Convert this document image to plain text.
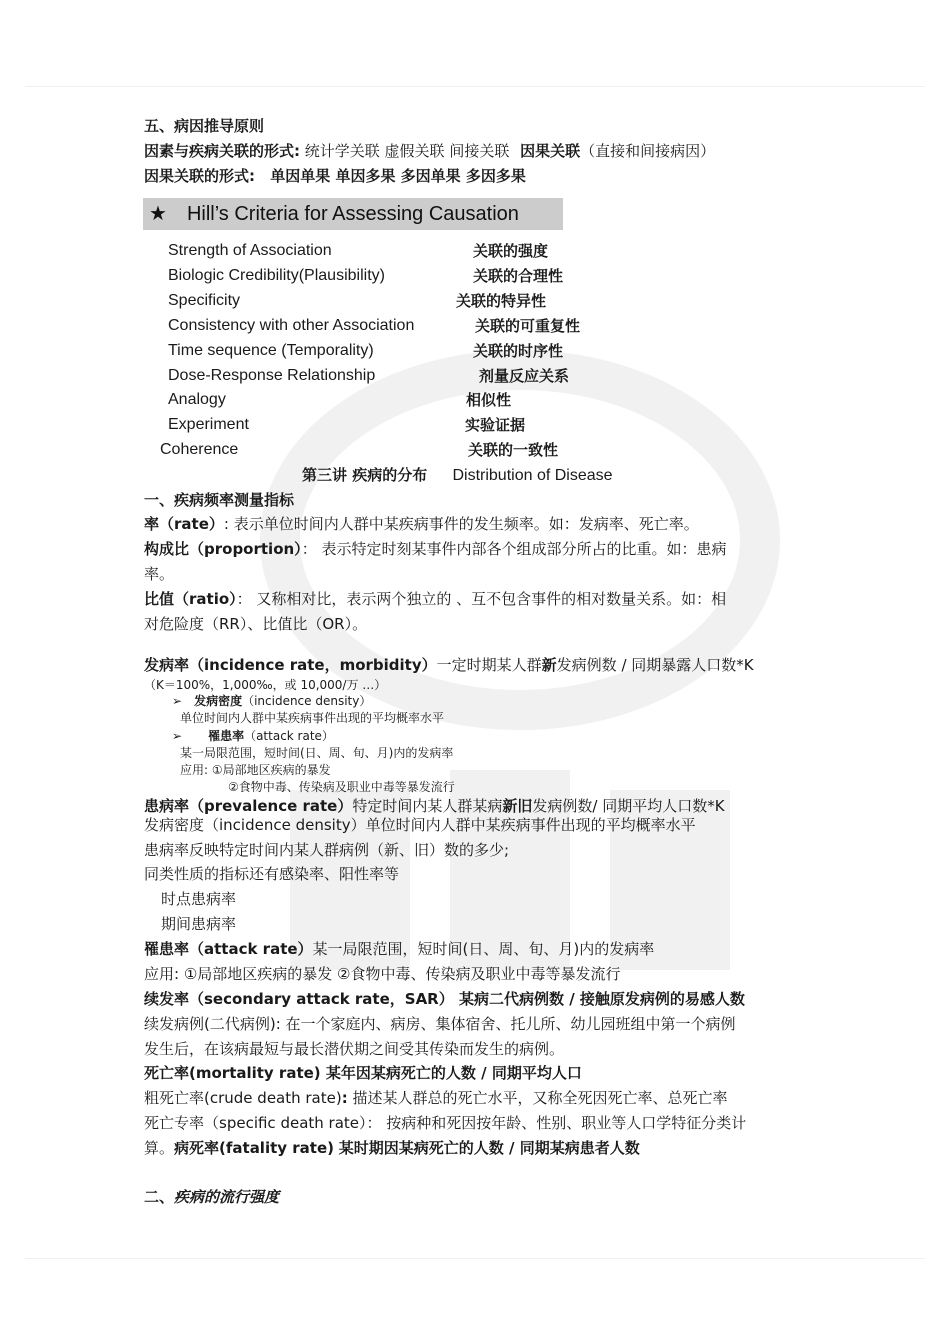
五、病因推导原则
因素与疾病关联的形式: 统计学关联 虚假关联 间接关联 因果关联（直接和间接病因）
因果关联的形式: 单因单果 单因多果 多因单果 多因多果
★ Hill’s Criteria for Assessing Causation
Strength of Association	关联的强度
Biologic Credibility(Plausibility)	关联的合理性
Specificity	关联的特异性
Consistency with other Association	关联的可重复性
Time sequence (Temporality)	关联的时序性
Dose-Response Relationship	剂量反应关系
Analogy	相似性
Experiment	实验证据
Coherence	关联的一致性
第三讲 疾病的分布 Distribution of Disease
一、疾病频率测量指标
率（rate）: 表示单位时间内人群中某疾病事件的发生频率。如：发病率、死亡率。
构成比（proportion）： 表示特定时刻某事件内部各个组成部分所占的比重。如：患病
率。
比值（ratio）： 又称相对比，表示两个独立的 、互不包含事件的相对数量关系。如：相
对危险度（RR）、比值比（OR）。
发病率（incidence rate，morbidity）一定时期某人群新发病例数 / 同期暴露人口数*K
（K＝100%，1,000‰，或 10,000/万 …）
➢ 发病密度（incidence density）
单位时间内人群中某疾病事件出现的平均概率水平
➢ 罹患率（attack rate）
某一局限范围，短时间(日、周、旬、月)内的发病率
应用: ①局部地区疾病的暴发
②食物中毒、传染病及职业中毒等暴发流行
患病率（prevalence rate）特定时间内某人群某病新旧发病例数/ 同期平均人口数*K
发病密度（incidence density）单位时间内人群中某疾病事件出现的平均概率水平
患病率反映特定时间内某人群病例（新、旧）数的多少;
同类性质的指标还有感染率、阳性率等
时点患病率
期间患病率
罹患率（attack rate）某一局限范围，短时间(日、周、旬、月)内的发病率
应用: ①局部地区疾病的暴发 ②食物中毒、传染病及职业中毒等暴发流行
续发率（secondary attack rate，SAR） 某病二代病例数 / 接触原发病例的易感人数
续发病例(二代病例): 在一个家庭内、病房、集体宿舍、托儿所、幼儿园班组中第一个病例
发生后，在该病最短与最长潜伏期之间受其传染而发生的病例。
死亡率(mortality rate) 某年因某病死亡的人数 / 同期平均人口
粗死亡率(crude death rate): 描述某人群总的死亡水平，又称全死因死亡率、总死亡率
死亡专率（specific death rate）： 按病种和死因按年龄、性别、职业等人口学特征分类计
算。病死率(fatality rate) 某时期因某病死亡的人数 / 同期某病患者人数
二、疾病的流行强度
